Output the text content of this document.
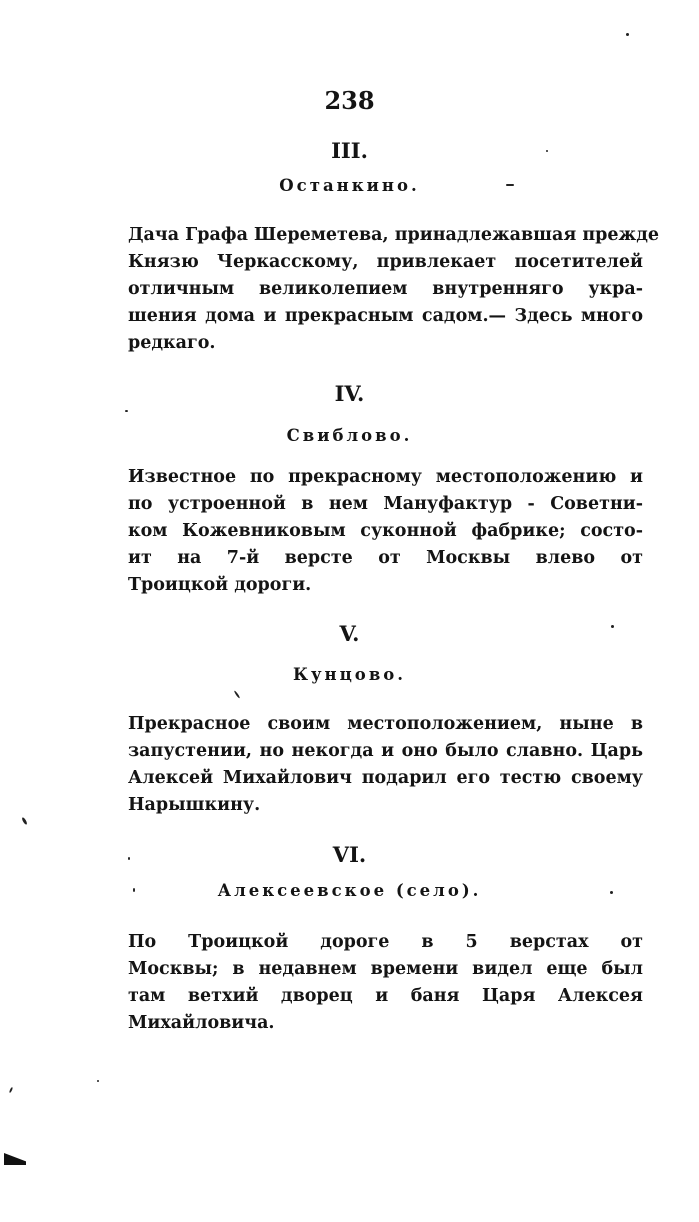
238
III.
Останкино.
Дача Графа Шереметева, принадлежавшая прежде
Князю Черкасскому, привлекает посетителей
отличным великолепием внутренняго укра-
шения дома и прекрасным садом.— Здесь много
редкаго.
IV.
Свиблово.
Известное по прекрасному местоположению и
по устроенной в нем Мануфактур - Советни-
ком Кожевниковым суконной фабрике; состо-
ит на 7-й версте от Москвы влево от
Троицкой дороги.
V.
Кунцово.
Прекрасное своим местоположением, ныне в
запустении, но некогда и оно было славно. Царь
Алексей Михайлович подарил его тестю своему
Нарышкину.
VI.
Алексеевское (село).
По Троицкой дороге в 5 верстах от
Москвы; в недавнем времени видел еще был
там ветхий дворец и баня Царя Алексея
Михайловича.
